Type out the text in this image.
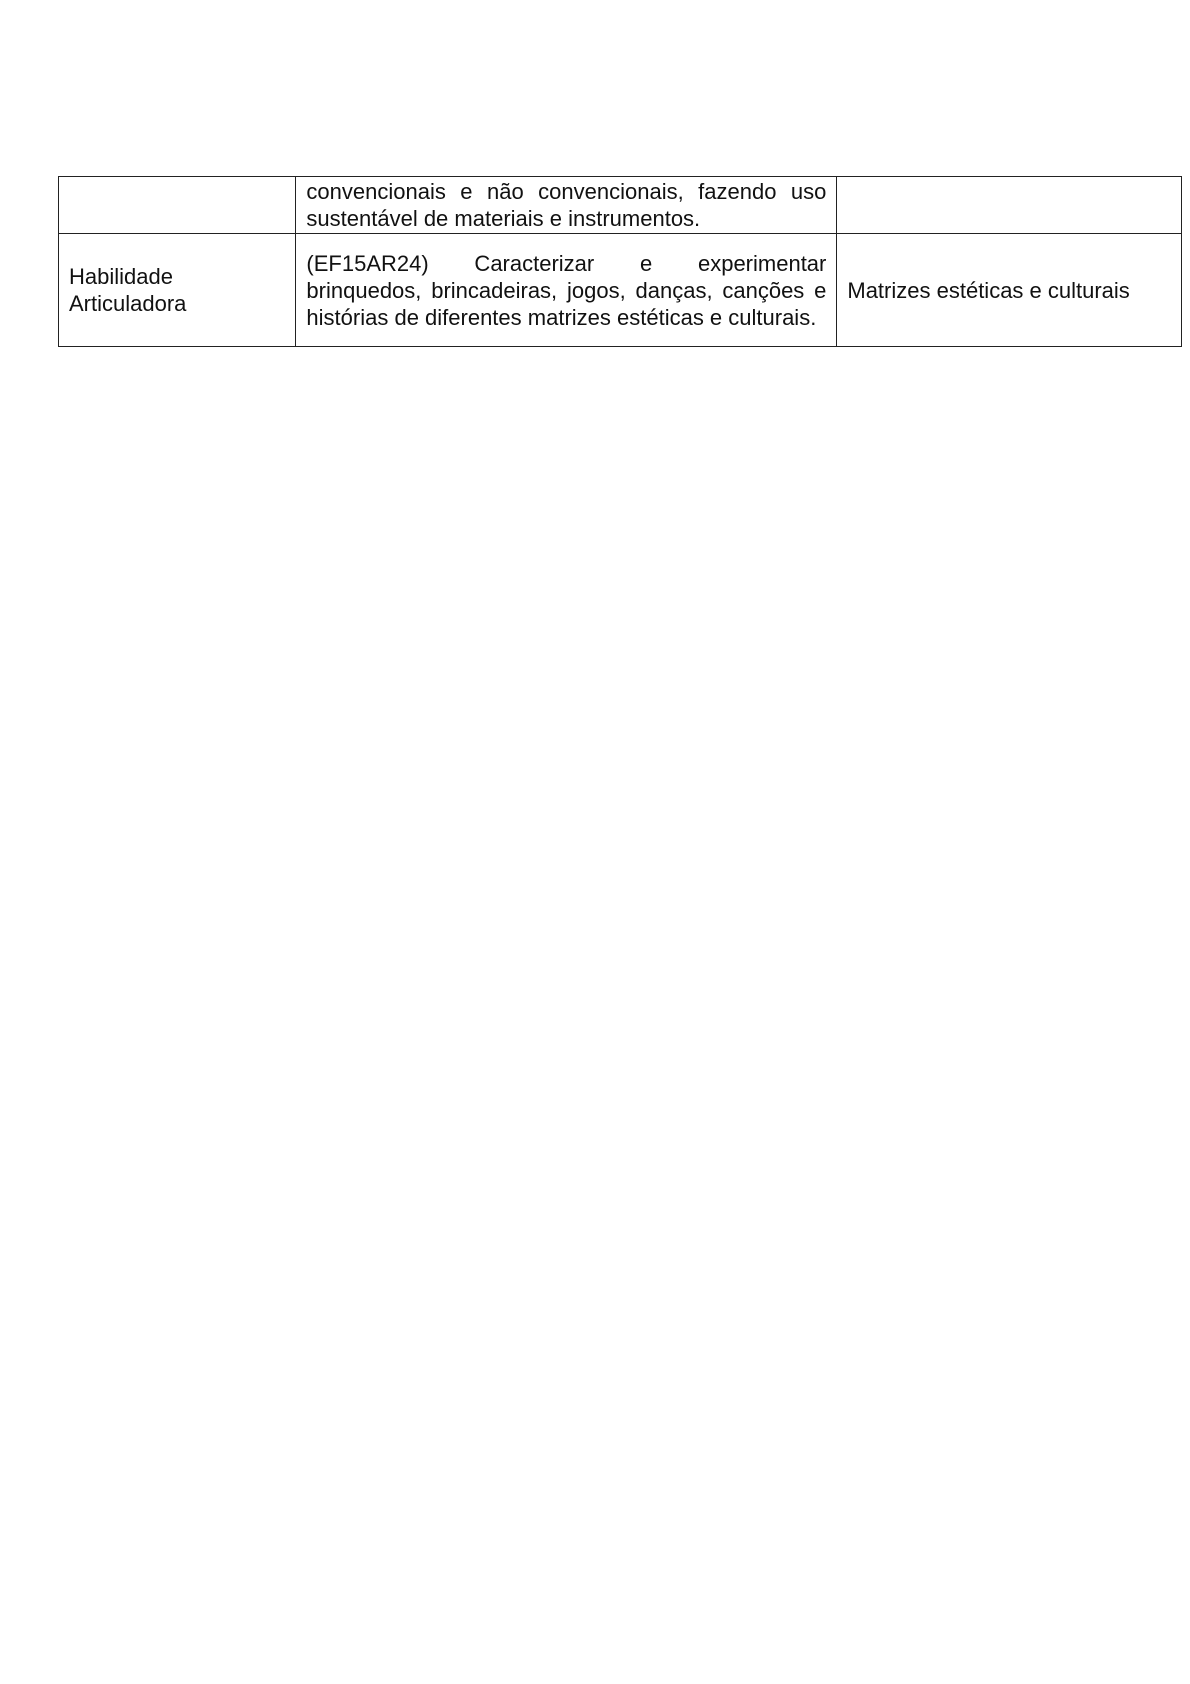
	convencionais e não convencionais, fazendo uso sustentável de materiais e instrumentos.	

Habilidade
Articuladora	(EF15AR24) Caracterizar e experimentar brinquedos, brincadeiras, jogos, danças, canções e histórias de diferentes matrizes estéticas e culturais.	Matrizes estéticas e culturais
